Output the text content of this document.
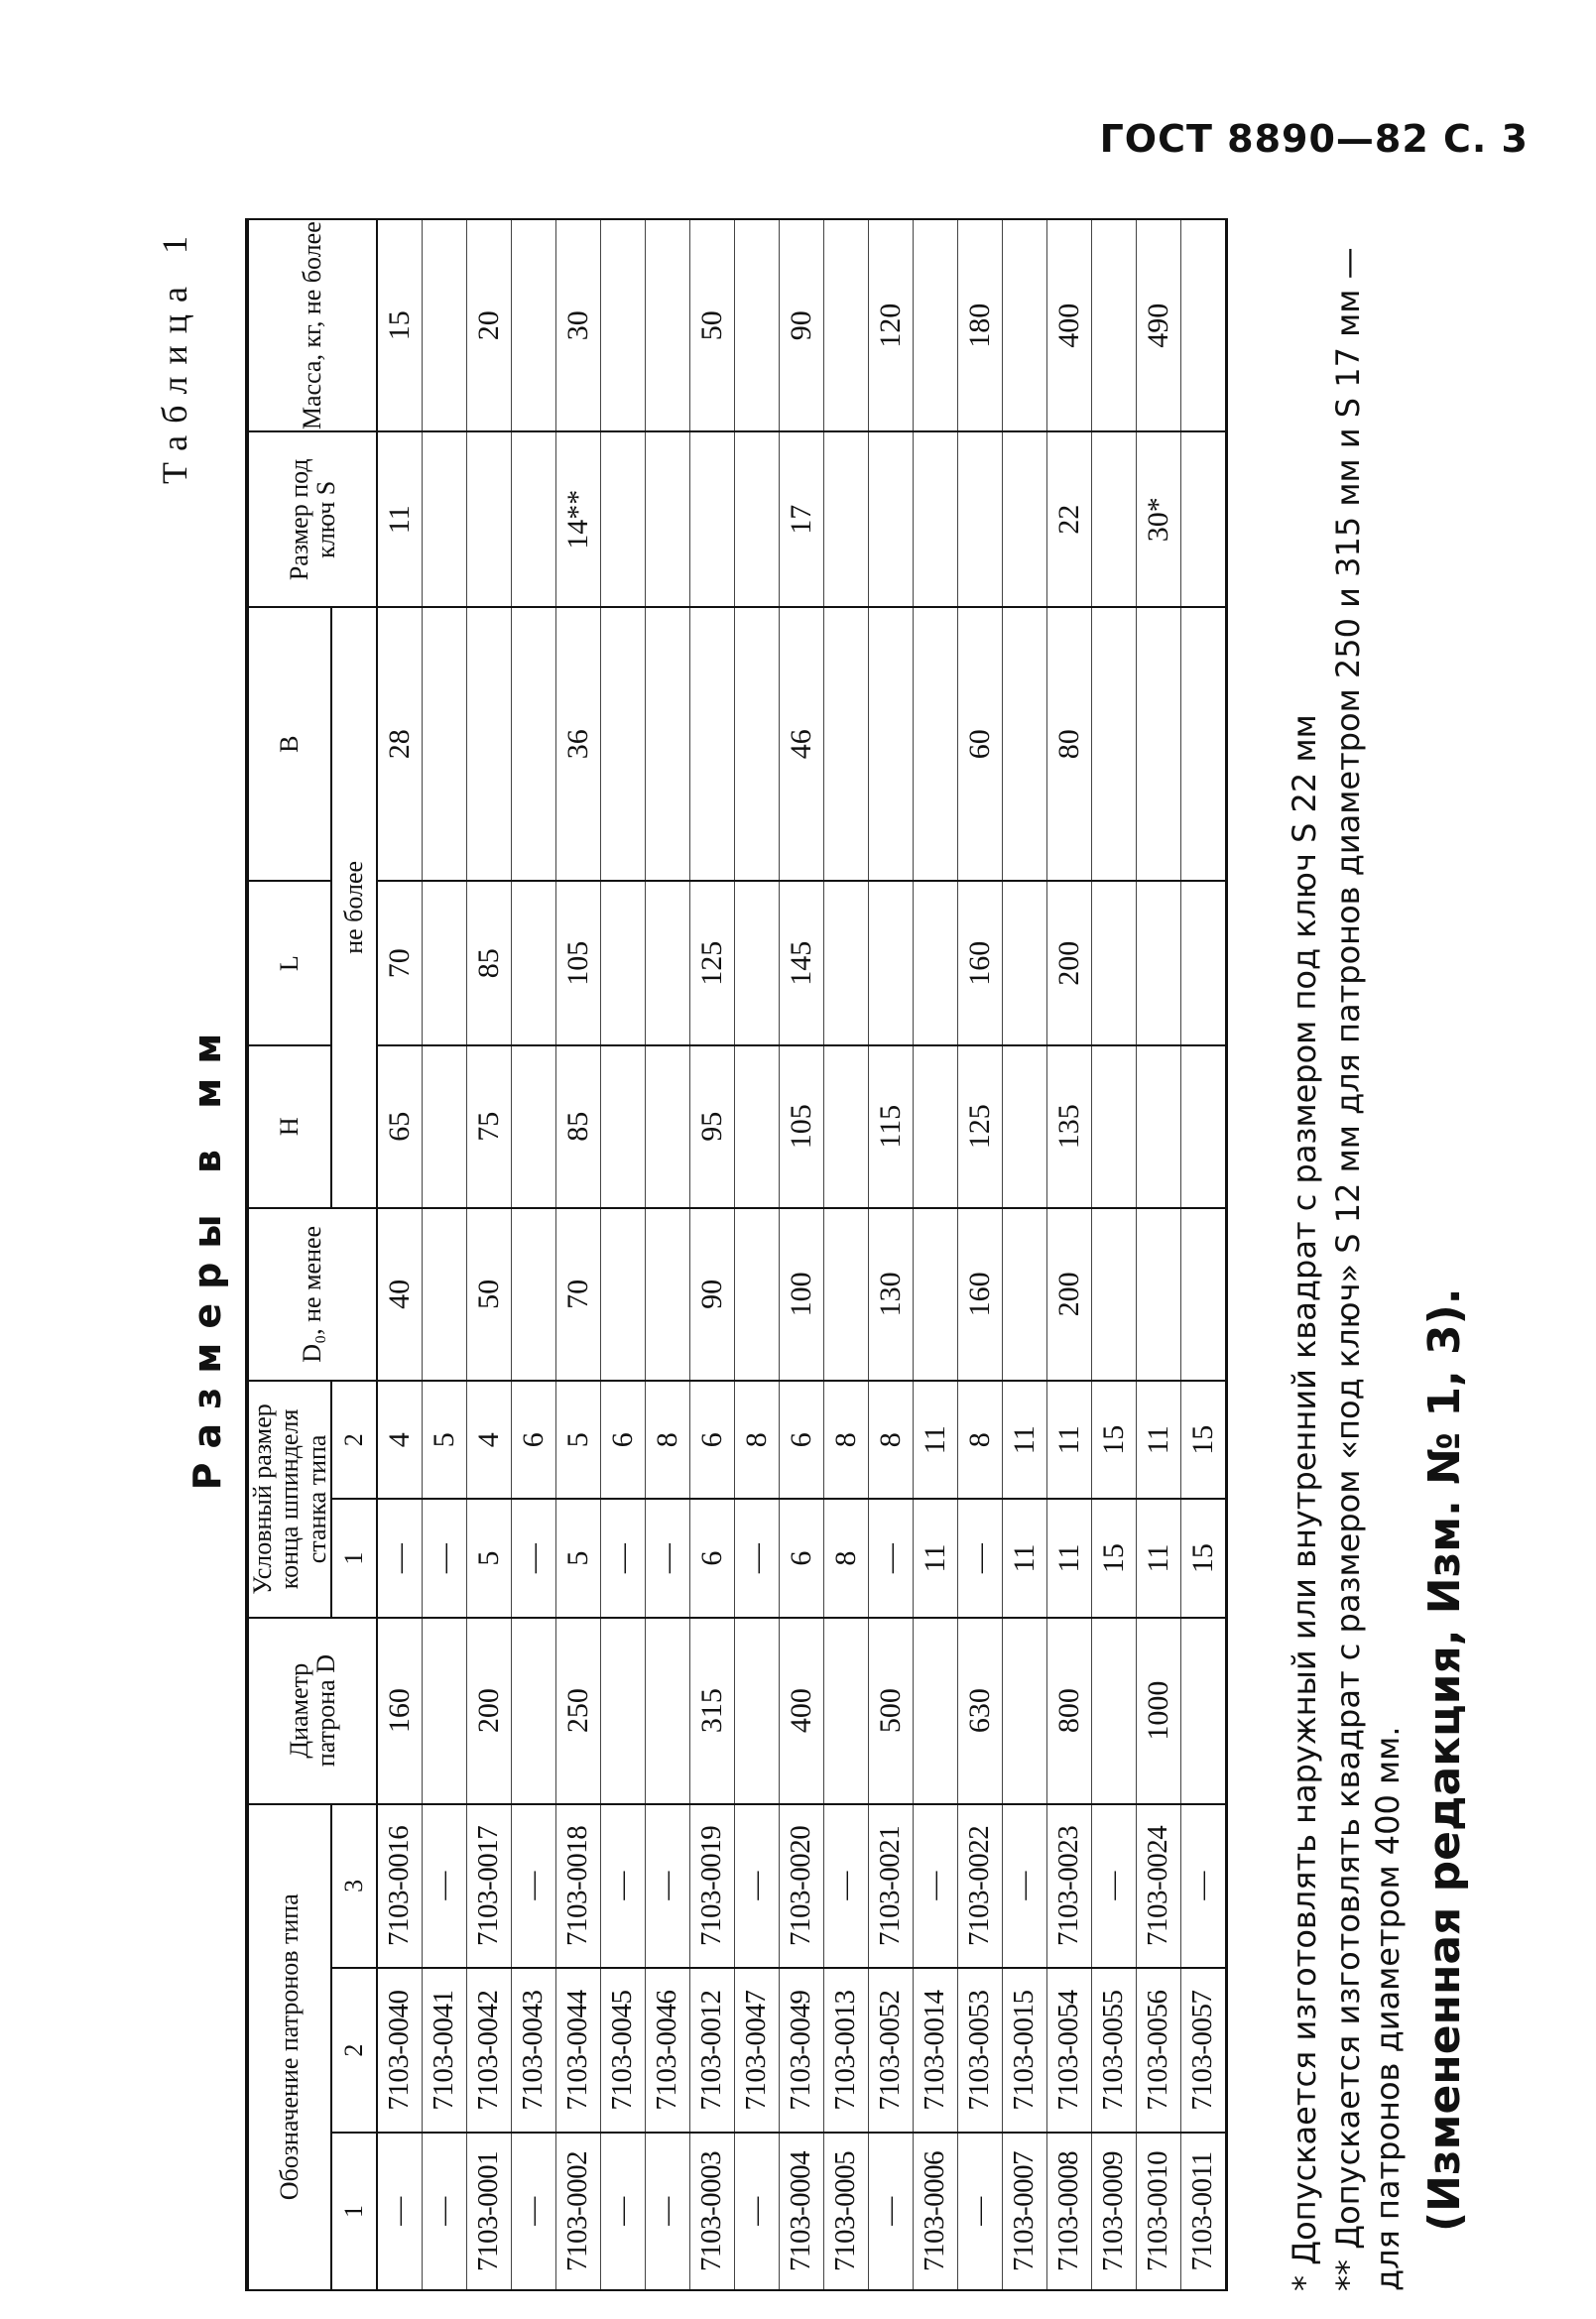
ГОСТ 8890—82 С. 3
Таблица 1
Размеры в мм
Обозначение патронов типа			Диаметр патрона D	Условный размер конца шпинделя станка типа		D₀, не менее	H	L	B	Размер под ключ S	Масса, кг, не более
1	2	3		1	2		не более				
—	7103-0040	7103-0016	160	—	4	40	65	70	28	11	15
—	7103-0041	—		—	5						
7103-0001	7103-0042	7103-0017	200	5	4	50	75	85			20
—	7103-0043	—		—	6						
7103-0002	7103-0044	7103-0018	250	5	5	70	85	105	36	14**	30
—	7103-0045	—		—	6						
—	7103-0046	—		—	8						
7103-0003	7103-0012	7103-0019	315	6	6	90	95	125			50
—	7103-0047	—		—	8						
7103-0004	7103-0049	7103-0020	400	6	6	100	105	145	46	17	90
7103-0005	7103-0013	—		8	8						
—	7103-0052	7103-0021	500	—	8	130	115				120
7103-0006	7103-0014	—		11	11						
—	7103-0053	7103-0022	630	—	8	160	125	160	60		180
7103-0007	7103-0015	—		11	11						
7103-0008	7103-0054	7103-0023	800	11	11	200	135	200	80	22	400
7103-0009	7103-0055	—		15	15						
7103-0010	7103-0056	7103-0024	1000	11	11					30*	490
7103-0011	7103-0057	—		15	15						* Допускается изготовлять наружный или внутренний квадрат с размером под ключ S 22 мм ** Допускается изготовлять квадрат с размером «под ключ» S 12 мм для патронов диаметром 250 и 315 мм и S 17 мм — для патронов диаметром 400 мм. (Измененная редакция, Изм. № 1, 3).
